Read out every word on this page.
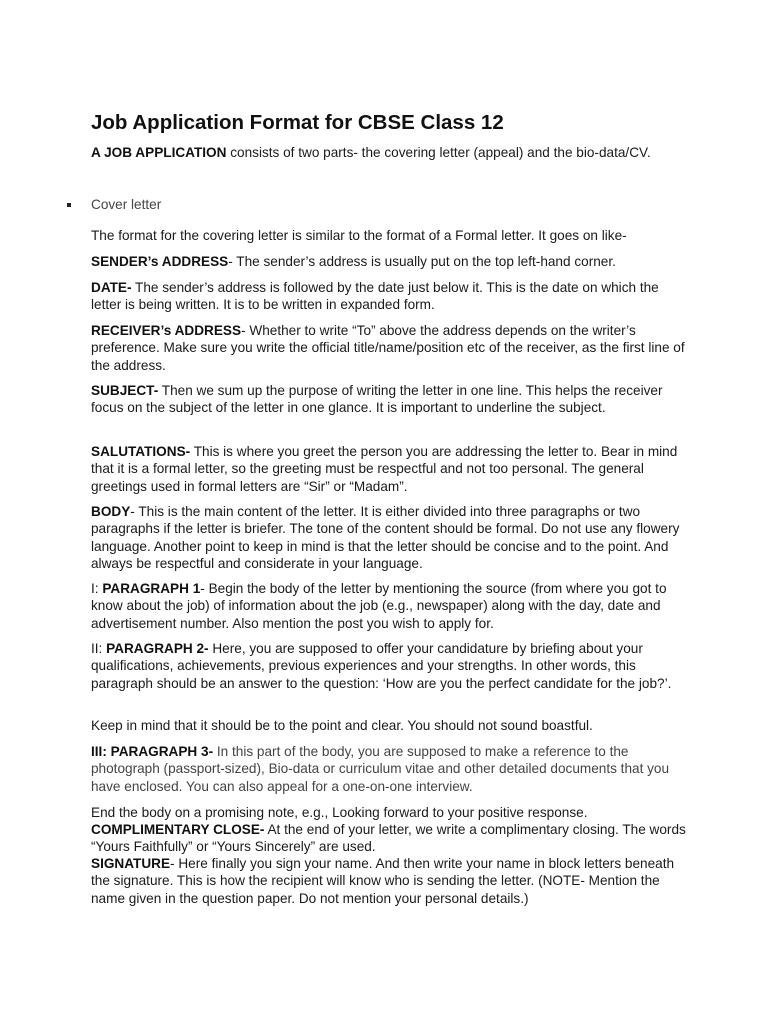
Job Application Format for CBSE Class 12

A JOB APPLICATION consists of two parts- the covering letter (appeal) and the bio-data/CV.

Cover letter

The format for the covering letter is similar to the format of a Formal letter. It goes on like-

SENDER’s ADDRESS- The sender’s address is usually put on the top left-hand corner.

DATE- The sender’s address is followed by the date just below it. This is the date on which the letter is being written. It is to be written in expanded form.

RECEIVER’s ADDRESS- Whether to write “To” above the address depends on the writer’s preference. Make sure you write the official title/name/position etc of the receiver, as the first line of the address.

SUBJECT- Then we sum up the purpose of writing the letter in one line. This helps the receiver focus on the subject of the letter in one glance. It is important to underline the subject.

SALUTATIONS- This is where you greet the person you are addressing the letter to. Bear in mind that it is a formal letter, so the greeting must be respectful and not too personal. The general greetings used in formal letters are “Sir” or “Madam”.

BODY- This is the main content of the letter. It is either divided into three paragraphs or two paragraphs if the letter is briefer. The tone of the content should be formal. Do not use any flowery language. Another point to keep in mind is that the letter should be concise and to the point. And always be respectful and considerate in your language.

I: PARAGRAPH 1- Begin the body of the letter by mentioning the source (from where you got to know about the job) of information about the job (e.g., newspaper) along with the day, date and advertisement number. Also mention the post you wish to apply for.

II: PARAGRAPH 2- Here, you are supposed to offer your candidature by briefing about your qualifications, achievements, previous experiences and your strengths. In other words, this paragraph should be an answer to the question: ‘How are you the perfect candidate for the job?’.

Keep in mind that it should be to the point and clear. You should not sound boastful.

III: PARAGRAPH 3- In this part of the body, you are supposed to make a reference to the photograph (passport-sized), Bio-data or curriculum vitae and other detailed documents that you have enclosed. You can also appeal for a one-on-one interview.

End the body on a promising note, e.g., Looking forward to your positive response.

COMPLIMENTARY CLOSE- At the end of your letter, we write a complimentary closing. The words “Yours Faithfully” or “Yours Sincerely” are used.

SIGNATURE- Here finally you sign your name. And then write your name in block letters beneath the signature. This is how the recipient will know who is sending the letter. (NOTE- Mention the name given in the question paper. Do not mention your personal details.)
